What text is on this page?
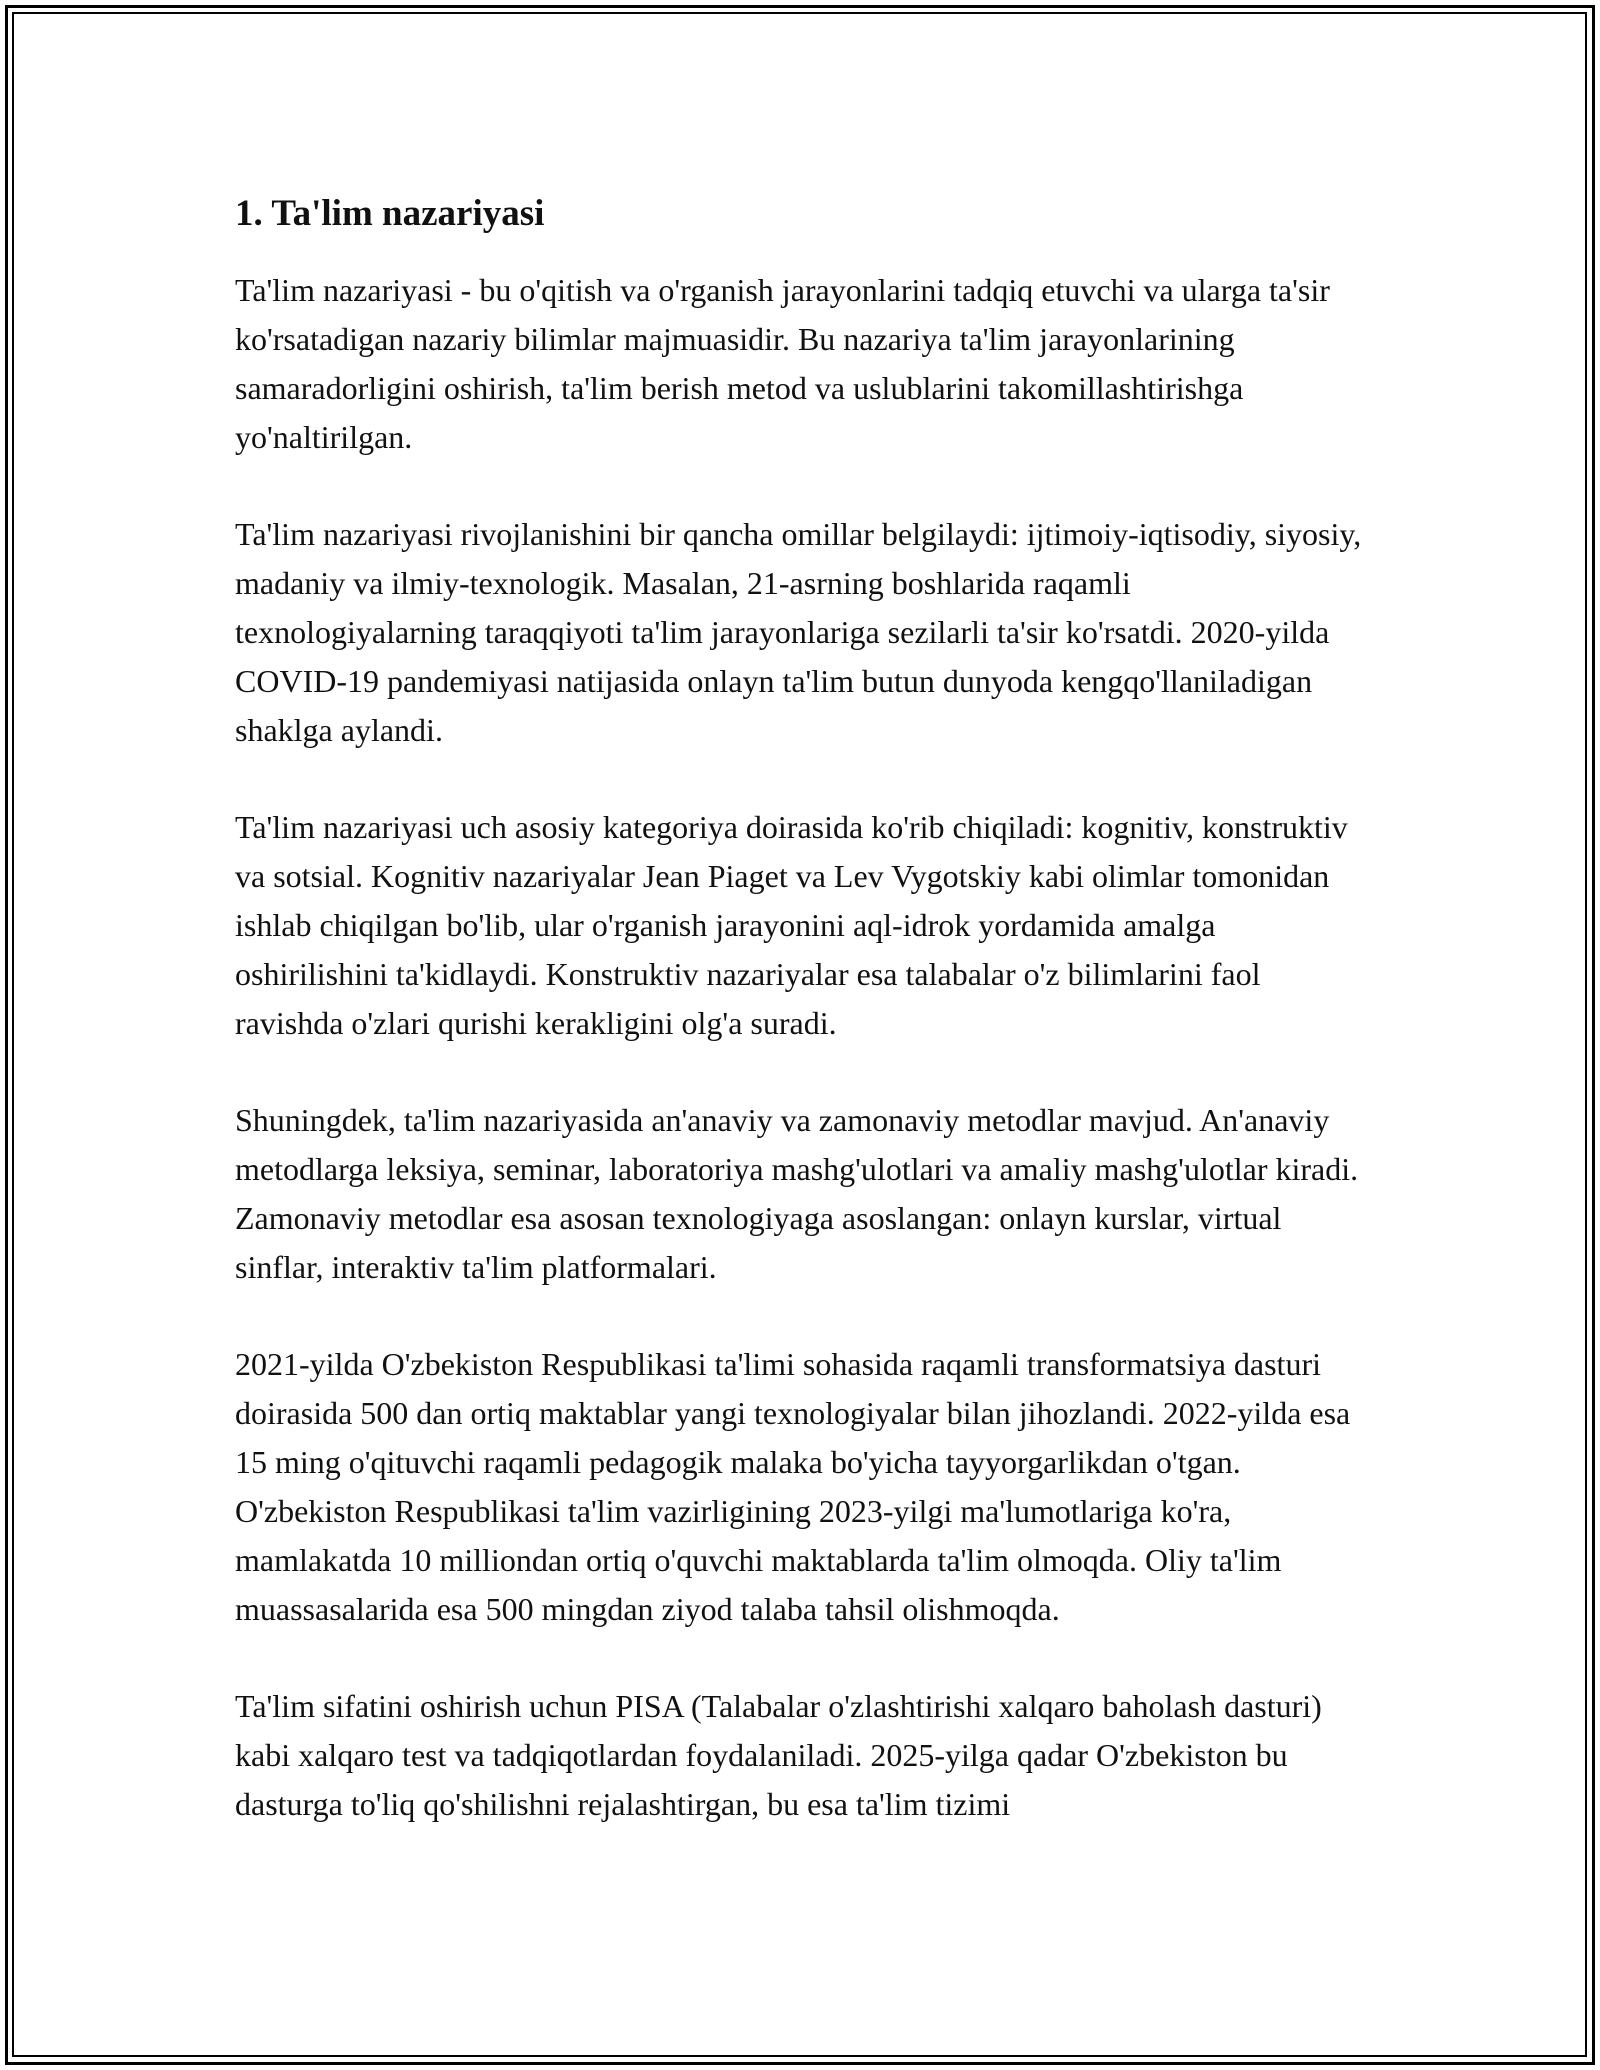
1. Ta'lim nazariyasi

Ta'lim nazariyasi - bu o'qitish va o'rganish jarayonlarini tadqiq etuvchi va ularga ta'sir ko'rsatadigan nazariy bilimlar majmuasidir. Bu nazariya ta'lim jarayonlarining samaradorligini oshirish, ta'lim berish metod va uslublarini takomillashtirishga yo'naltirilgan.

Ta'lim nazariyasi rivojlanishini bir qancha omillar belgilaydi: ijtimoiy-iqtisodiy, siyosiy, madaniy va ilmiy-texnologik. Masalan, 21-asrning boshlarida raqamli texnologiyalarning taraqqiyoti ta'lim jarayonlariga sezilarli ta'sir ko'rsatdi. 2020-yilda COVID-19 pandemiyasi natijasida onlayn ta'lim butun dunyoda kengqo'llaniladigan shaklga aylandi.

Ta'lim nazariyasi uch asosiy kategoriya doirasida ko'rib chiqiladi: kognitiv, konstruktiv va sotsial. Kognitiv nazariyalar Jean Piaget va Lev Vygotskiy kabi olimlar tomonidan ishlab chiqilgan bo'lib, ular o'rganish jarayonini aql-idrok yordamida amalga oshirilishini ta'kidlaydi. Konstruktiv nazariyalar esa talabalar o'z bilimlarini faol ravishda o'zlari qurishi kerakligini olg'a suradi.

Shuningdek, ta'lim nazariyasida an'anaviy va zamonaviy metodlar mavjud. An'anaviy metodlarga leksiya, seminar, laboratoriya mashg'ulotlari va amaliy mashg'ulotlar kiradi. Zamonaviy metodlar esa asosan texnologiyaga asoslangan: onlayn kurslar, virtual sinflar, interaktiv ta'lim platformalari.

2021-yilda O'zbekiston Respublikasi ta'limi sohasida raqamli transformatsiya dasturi doirasida 500 dan ortiq maktablar yangi texnologiyalar bilan jihozlandi. 2022-yilda esa 15 ming o'qituvchi raqamli pedagogik malaka bo'yicha tayyorgarlikdan o'tgan. O'zbekiston Respublikasi ta'lim vazirligining 2023-yilgi ma'lumotlariga ko'ra, mamlakatda 10 milliondan ortiq o'quvchi maktablarda ta'lim olmoqda. Oliy ta'lim muassasalarida esa 500 mingdan ziyod talaba tahsil olishmoqda.

Ta'lim sifatini oshirish uchun PISA (Talabalar o'zlashtirishi xalqaro baholash dasturi) kabi xalqaro test va tadqiqotlardan foydalaniladi. 2025-yilga qadar O'zbekiston bu dasturga to'liq qo'shilishni rejalashtirgan, bu esa ta'lim tizimi
